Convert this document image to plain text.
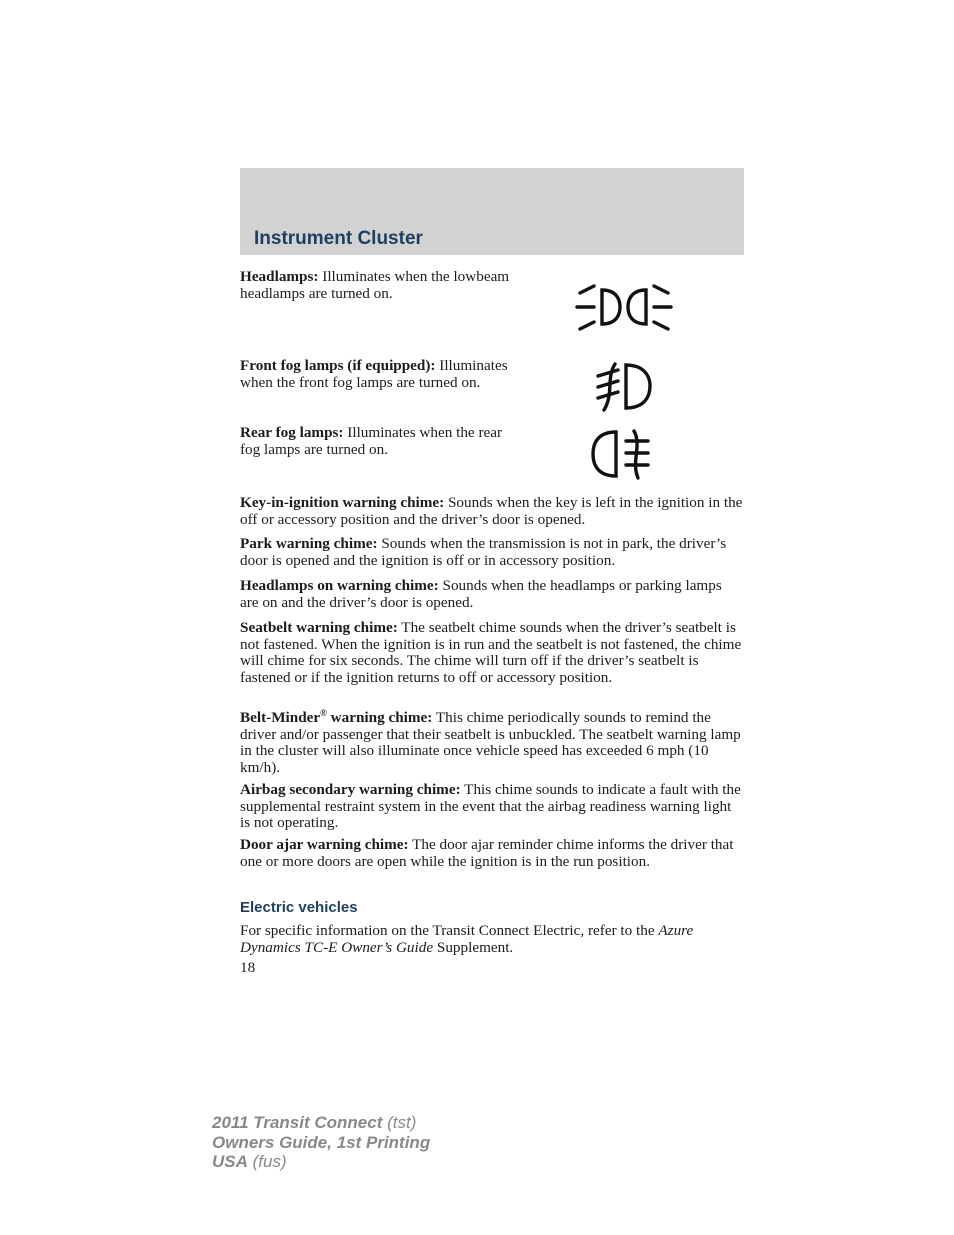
Instrument Cluster

Headlamps: Illuminates when the lowbeam headlamps are turned on.

Front fog lamps (if equipped): Illuminates when the front fog lamps are turned on.

Rear fog lamps: Illuminates when the rear fog lamps are turned on.

Key-in-ignition warning chime: Sounds when the key is left in the ignition in the off or accessory position and the driver’s door is opened.

Park warning chime: Sounds when the transmission is not in park, the driver’s door is opened and the ignition is off or in accessory position.

Headlamps on warning chime: Sounds when the headlamps or parking lamps are on and the driver’s door is opened.

Seatbelt warning chime: The seatbelt chime sounds when the driver’s seatbelt is not fastened. When the ignition is in run and the seatbelt is not fastened, the chime will chime for six seconds. The chime will turn off if the driver’s seatbelt is fastened or if the ignition returns to off or accessory position.

Belt-Minder® warning chime: This chime periodically sounds to remind the driver and/or passenger that their seatbelt is unbuckled. The seatbelt warning lamp in the cluster will also illuminate once vehicle speed has exceeded 6 mph (10 km/h).

Airbag secondary warning chime: This chime sounds to indicate a fault with the supplemental restraint system in the event that the airbag readiness warning light is not operating.

Door ajar warning chime: The door ajar reminder chime informs the driver that one or more doors are open while the ignition is in the run position.

Electric vehicles

For specific information on the Transit Connect Electric, refer to the Azure Dynamics TC-E Owner’s Guide Supplement.

18

2011 Transit Connect (tst)
Owners Guide, 1st Printing
USA (fus)
